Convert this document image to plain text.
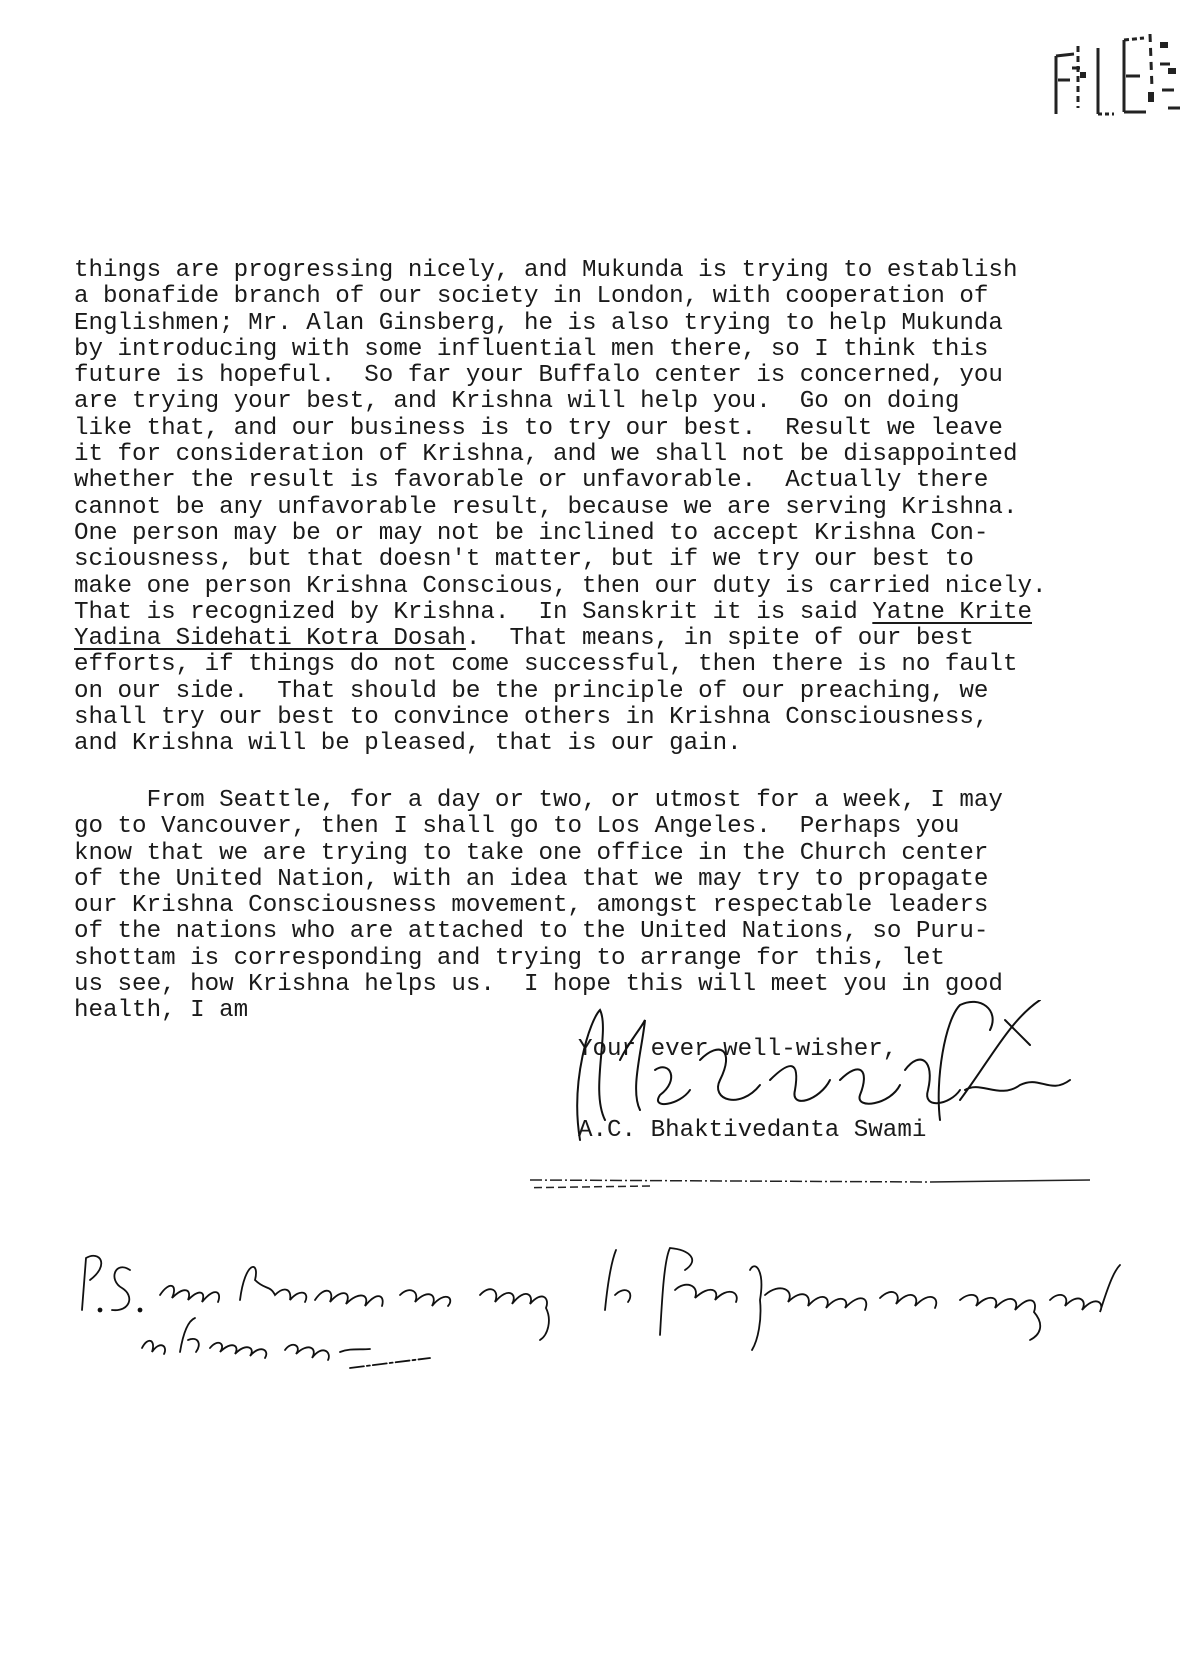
things are progressing nicely, and Mukunda is trying to establish
a bonafide branch of our society in London, with cooperation of
Englishmen; Mr. Alan Ginsberg, he is also trying to help Mukunda
by introducing with some influential men there, so I think this
future is hopeful.  So far your Buffalo center is concerned, you
are trying your best, and Krishna will help you.  Go on doing
like that, and our business is to try our best.  Result we leave
it for consideration of Krishna, and we shall not be disappointed
whether the result is favorable or unfavorable.  Actually there
cannot be any unfavorable result, because we are serving Krishna.
One person may be or may not be inclined to accept Krishna Con-
sciousness, but that doesn't matter, but if we try our best to
make one person Krishna Conscious, then our duty is carried nicely.
That is recognized by Krishna.  In Sanskrit it is said Yatne Krite
Yadina Sidehati Kotra Dosah.  That means, in spite of our best
efforts, if things do not come successful, then there is no fault
on our side.  That should be the principle of our preaching, we
shall try our best to convince others in Krishna Consciousness,
and Krishna will be pleased, that is our gain.
From Seattle, for a day or two, or utmost for a week, I may
go to Vancouver, then I shall go to Los Angeles.  Perhaps you
know that we are trying to take one office in the Church center
of the United Nation, with an idea that we may try to propagate
our Krishna Consciousness movement, amongst respectable leaders
of the nations who are attached to the United Nations, so Puru-
shottam is corresponding and trying to arrange for this, let
us see, how Krishna helps us.  I hope this will meet you in good
health, I am
Your ever well-wisher,
A.C. Bhaktivedanta Swami
